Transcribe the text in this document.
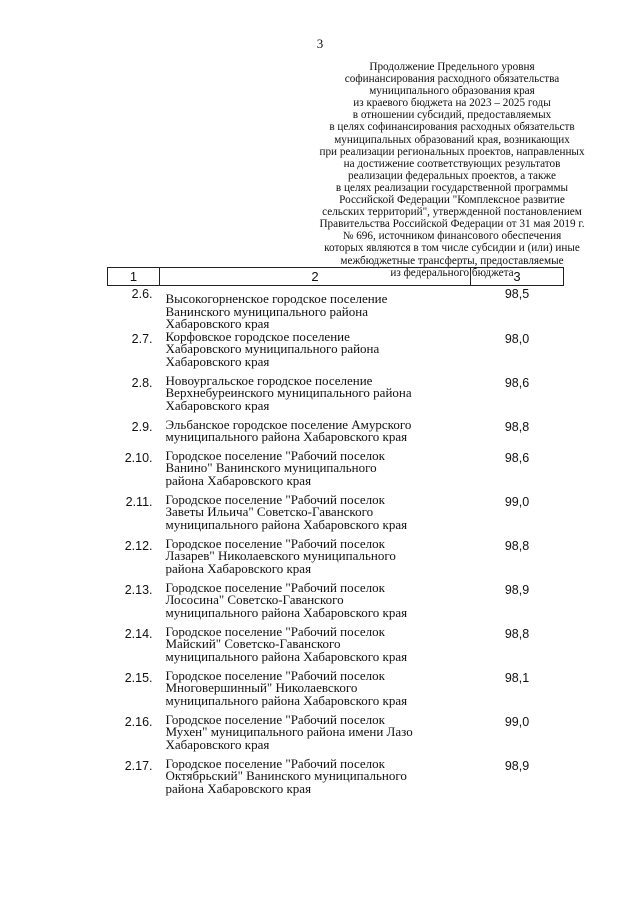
3
Продолжение Предельного уровня
софинансирования расходного обязательства
муниципального образования края
из краевого бюджета на 2023 – 2025 годы
в отношении субсидий, предоставляемых
в целях софинансирования расходных обязательств
муниципальных образований края, возникающих
при реализации региональных проектов, направленных
на достижение соответствующих результатов
реализации федеральных проектов, а также
в целях реализации государственной программы
Российской Федерации "Комплексное развитие
сельских территорий", утвержденной постановлением
Правительства Российской Федерации от 31 мая 2019 г.
№ 696, источником финансового обеспечения
которых являются в том числе субсидии и (или) иные
межбюджетные трансферты, предоставляемые
из федерального бюджета
1	2	3
2.6.	Высокогорненское городское поселение
Ванинского муниципального района
Хабаровского края	98,5
2.7.	Корфовское городское поселение
Хабаровского муниципального района
Хабаровского края	98,0
2.8.	Новоургальское городское поселение
Верхнебуреинского муниципального района
Хабаровского края	98,6
2.9.	Эльбанское городское поселение Амурского
муниципального района Хабаровского края	98,8
2.10.	Городское поселение "Рабочий поселок
Ванино" Ванинского муниципального
района Хабаровского края	98,6
2.11.	Городское поселение "Рабочий поселок
Заветы Ильича" Советско-Гаванского
муниципального района Хабаровского края	99,0
2.12.	Городское поселение "Рабочий поселок
Лазарев" Николаевского муниципального
района Хабаровского края	98,8
2.13.	Городское поселение "Рабочий поселок
Лососина" Советско-Гаванского
муниципального района Хабаровского края	98,9
2.14.	Городское поселение "Рабочий поселок
Майский" Советско-Гаванского
муниципального района Хабаровского края	98,8
2.15.	Городское поселение "Рабочий поселок
Многовершинный" Николаевского
муниципального района Хабаровского края	98,1
2.16.	Городское поселение "Рабочий поселок
Мухен" муниципального района имени Лазо
Хабаровского края	99,0
2.17.	Городское поселение "Рабочий поселок
Октябрьский" Ванинского муниципального
района Хабаровского края	98,9
